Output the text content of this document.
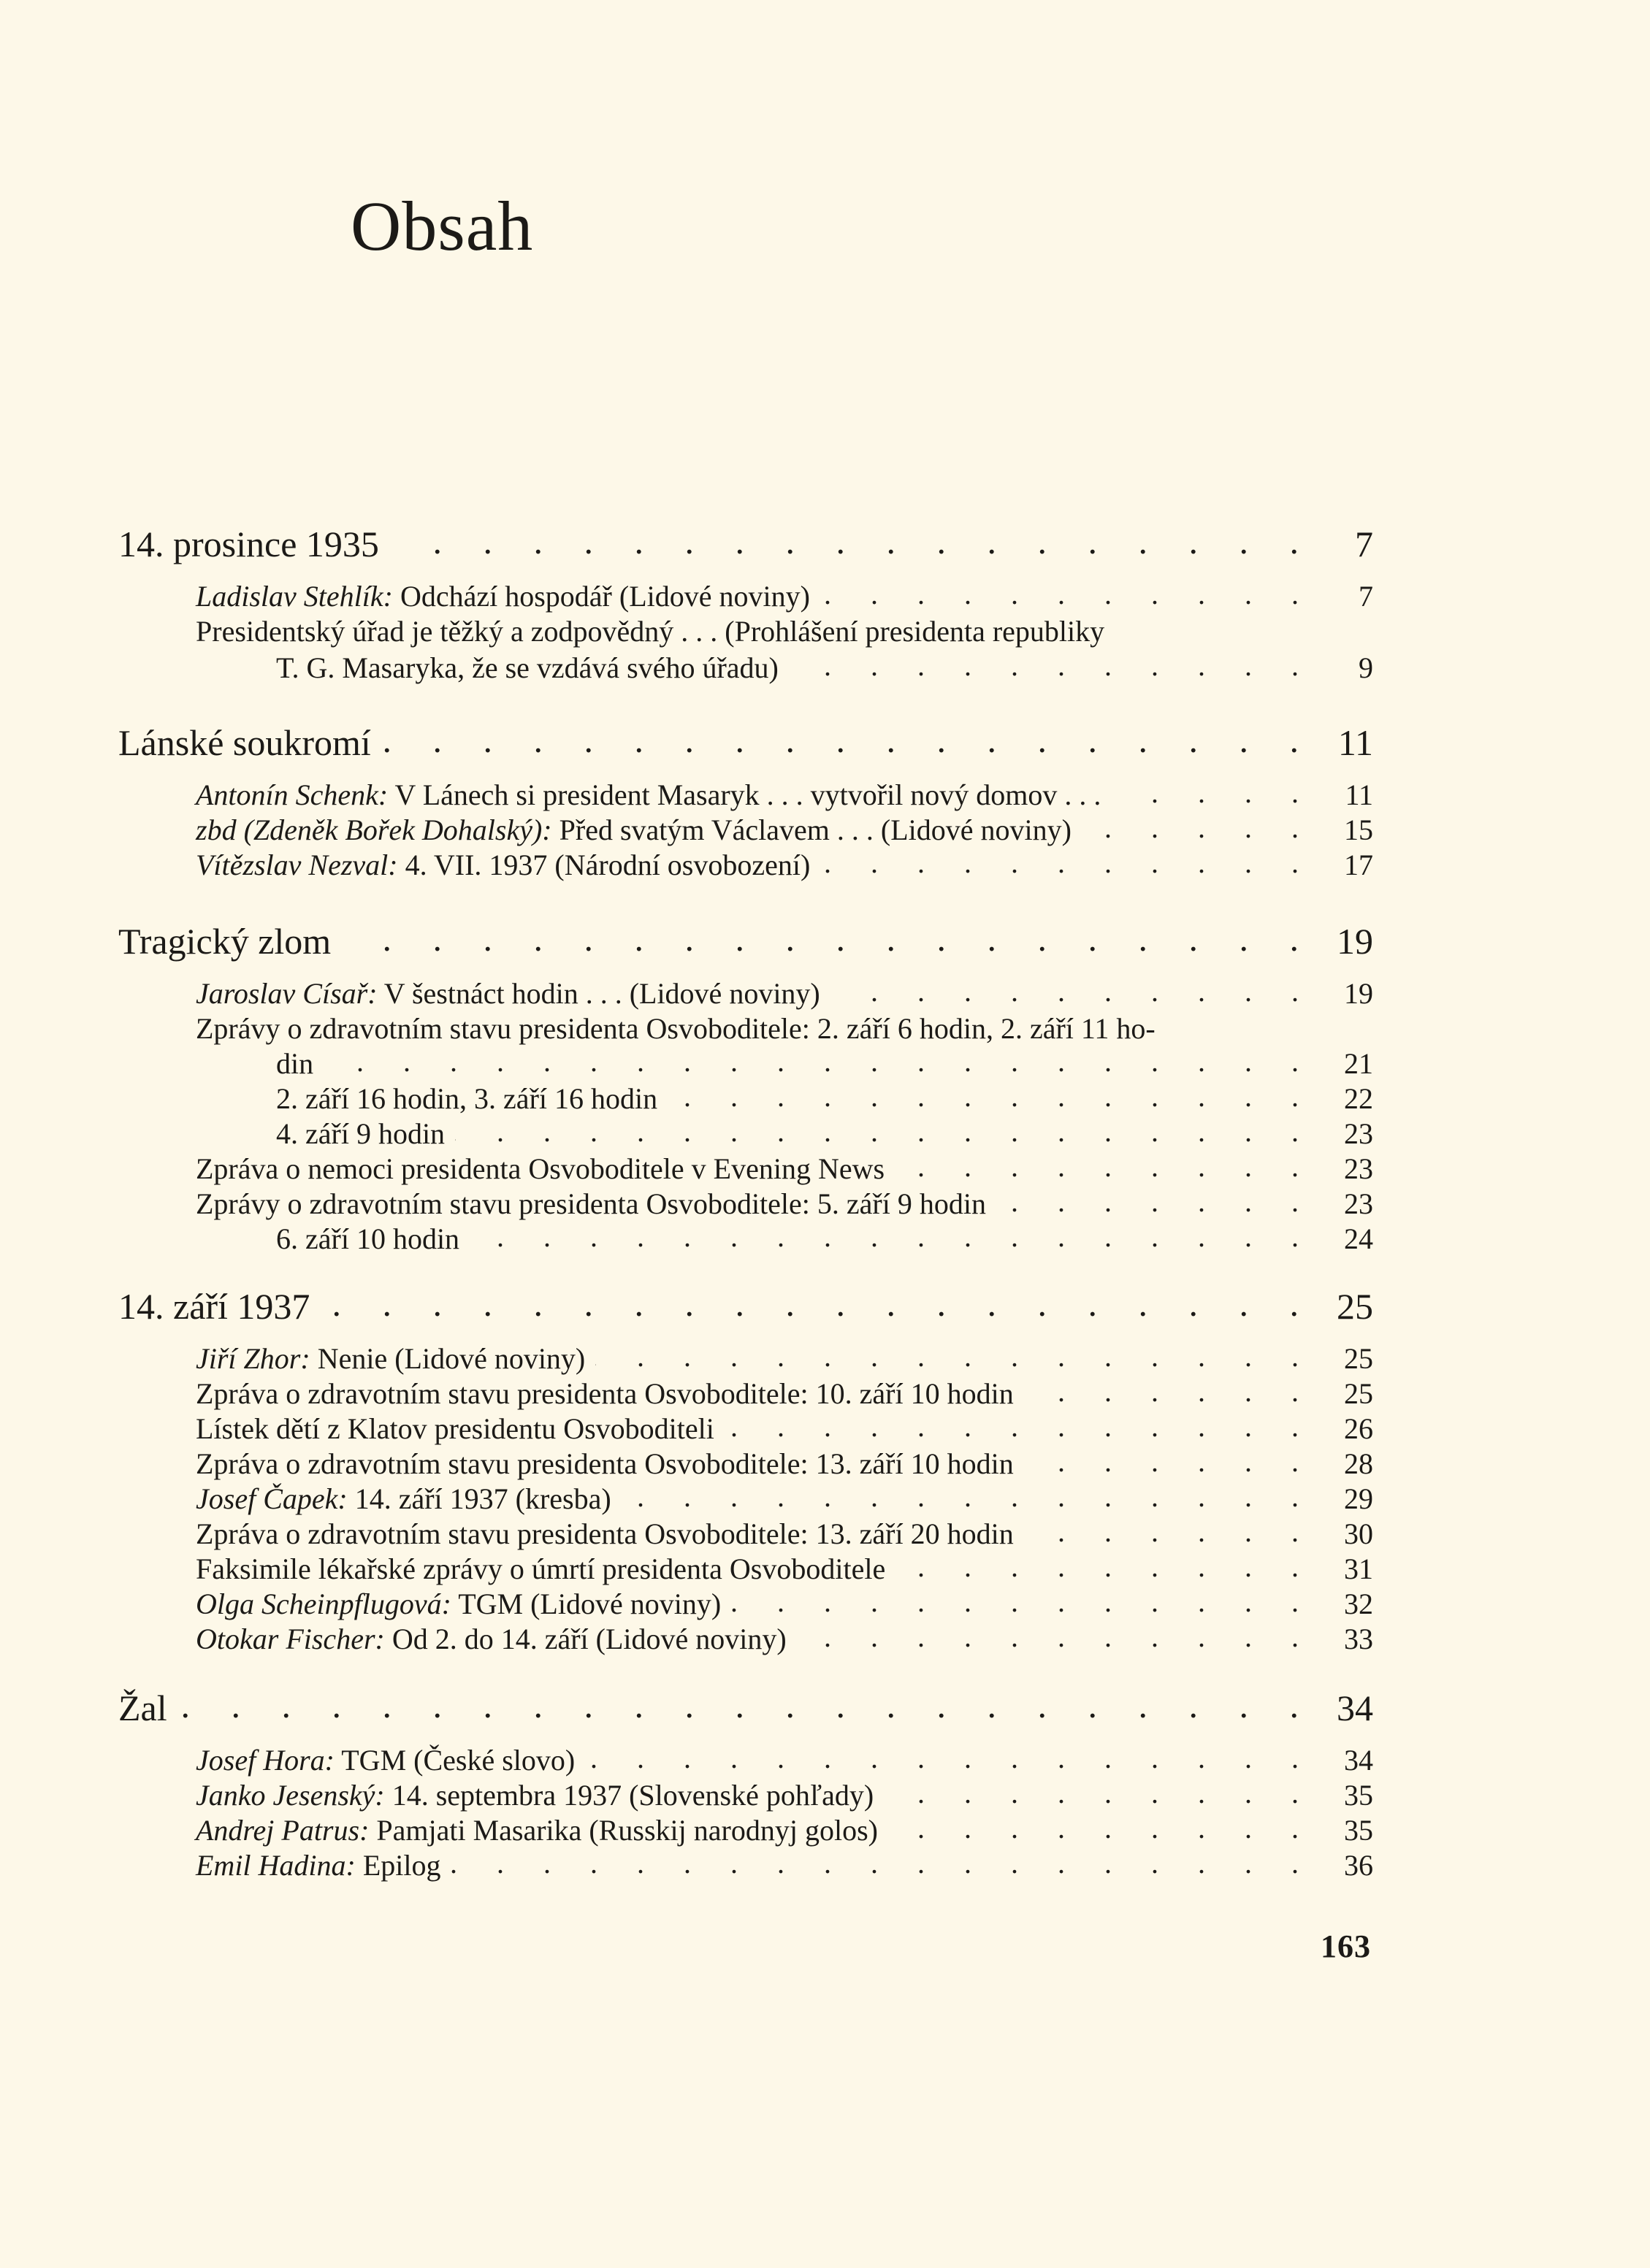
Obsah
14. prosince 1935 . . .	7
Ladislav Stehlík: Odchází hospodář (Lidové noviny) . . .	7
Presidentský úřad je těžký a zodpovědný . . . (Prohlášení presidenta republiky
T. G. Masaryka, že se vzdává svého úřadu) . . .	9
Lánské soukromí . . .	11
Antonín Schenk: V Lánech si president Masaryk . . . vytvořil nový domov . . . . . .	11
zbd (Zdeněk Bořek Dohalský): Před svatým Václavem . . . (Lidové noviny) . . .	15
Vítězslav Nezval: 4. VII. 1937 (Národní osvobození) . . .	17
Tragický zlom . . .	19
Jaroslav Císař: V šestnáct hodin . . . (Lidové noviny) . . .	19
Zprávy o zdravotním stavu presidenta Osvoboditele: 2. září 6 hodin, 2. září 11 ho-
din . . .	21
2. září 16 hodin, 3. září 16 hodin . . .	22
4. září 9 hodin . . .	23
Zpráva o nemoci presidenta Osvoboditele v Evening News . . .	23
Zprávy o zdravotním stavu presidenta Osvoboditele: 5. září 9 hodin . . .	23
6. září 10 hodin . . .	24
14. září 1937 . . .	25
Jiří Zhor: Nenie (Lidové noviny) . . .	25
Zpráva o zdravotním stavu presidenta Osvoboditele: 10. září 10 hodin . . .	25
Lístek dětí z Klatov presidentu Osvoboditeli . . .	26
Zpráva o zdravotním stavu presidenta Osvoboditele: 13. září 10 hodin . . .	28
Josef Čapek: 14. září 1937 (kresba) . . .	29
Zpráva o zdravotním stavu presidenta Osvoboditele: 13. září 20 hodin . . .	30
Faksimile lékařské zprávy o úmrtí presidenta Osvoboditele . . .	31
Olga Scheinpflugová: TGM (Lidové noviny) . . .	32
Otokar Fischer: Od 2. do 14. září (Lidové noviny) . . .	33
Žal . . .	34
Josef Hora: TGM (České slovo) . . .	34
Janko Jesenský: 14. septembra 1937 (Slovenské pohľady) . . .	35
Andrej Patrus: Pamjati Masarika (Russkij narodnyj golos) . . .	35
Emil Hadina: Epilog . . .	36
163
